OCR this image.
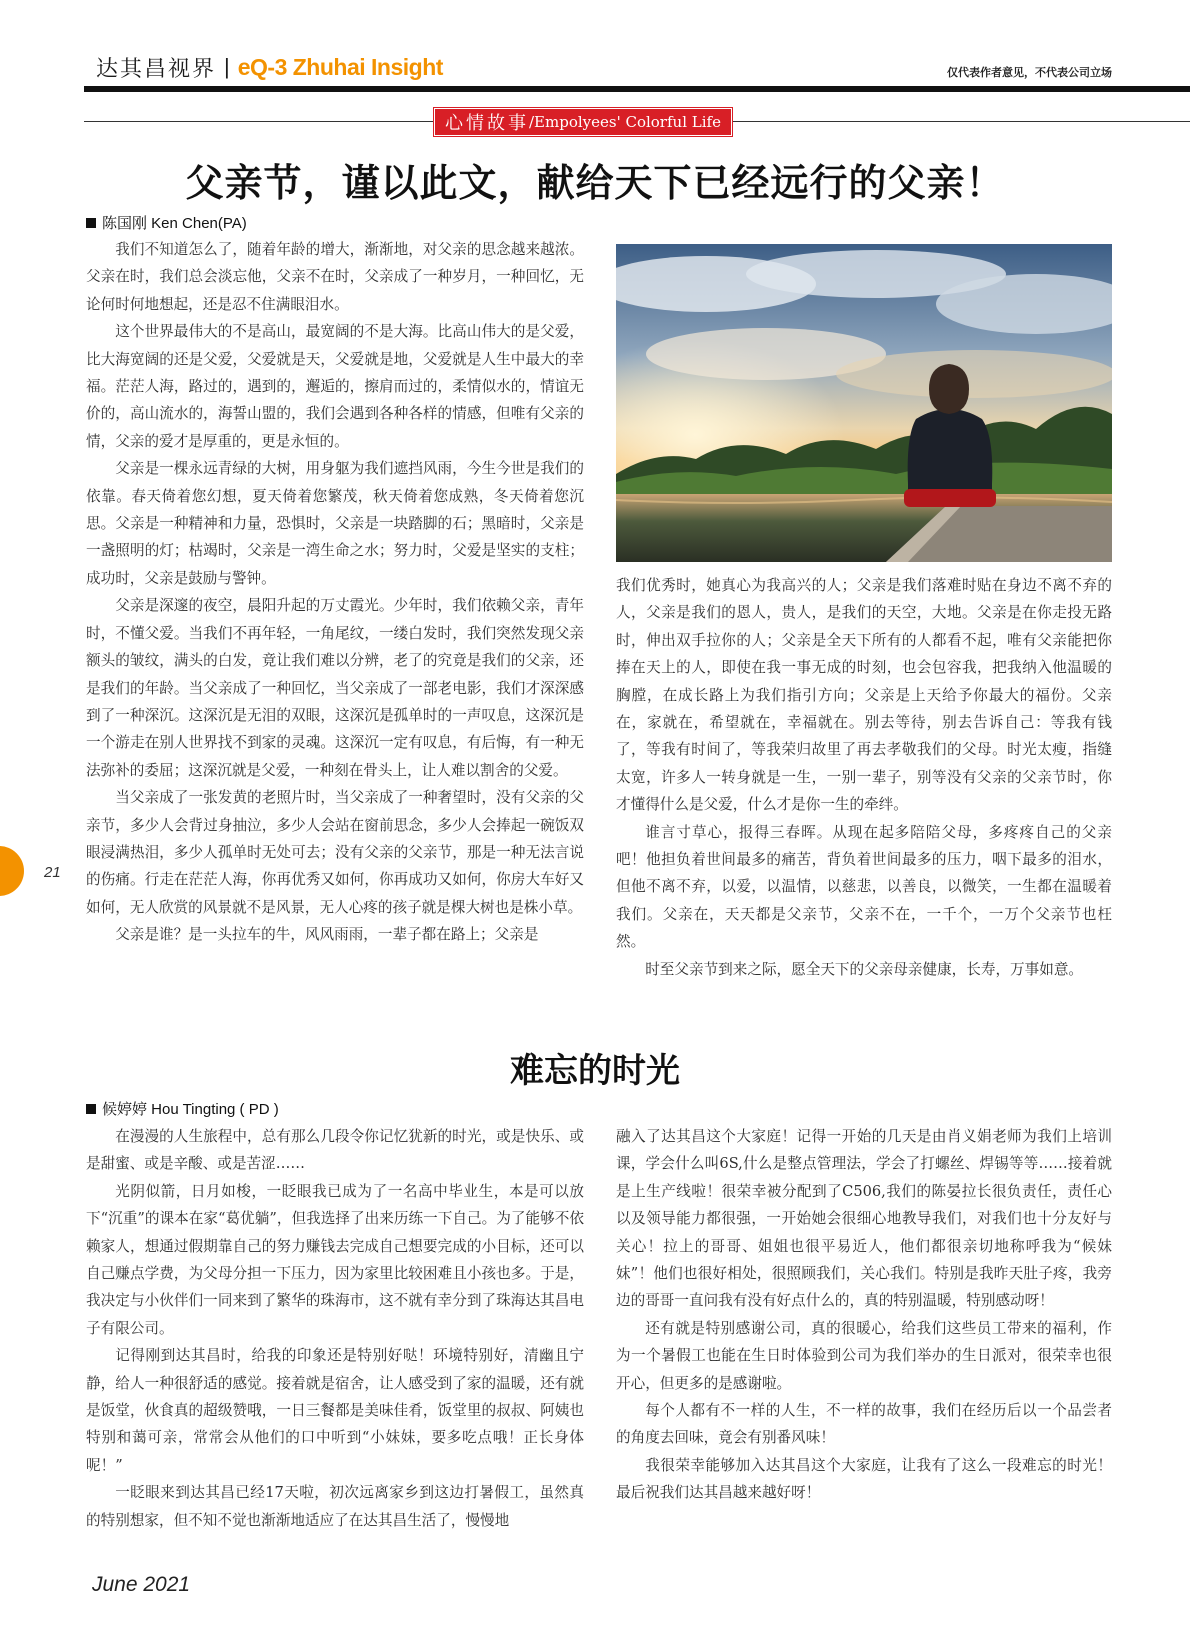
达其昌视界 | eQ-3 Zhuhai Insight	仅代表作者意见，不代表公司立场
心情故事 /Empolyees' Colorful Life
父亲节，谨以此文，献给天下已经远行的父亲！
陈国刚 Ken Chen(PA)

我们不知道怎么了，随着年龄的增大，渐渐地，对父亲的思念越来越浓。父亲在时，我们总会淡忘他，父亲不在时，父亲成了一种岁月，一种回忆，无论何时何地想起，还是忍不住满眼泪水。

这个世界最伟大的不是高山，最宽阔的不是大海。比高山伟大的是父爱，比大海宽阔的还是父爱，父爱就是天，父爱就是地，父爱就是人生中最大的幸福。茫茫人海，路过的，遇到的，邂逅的，擦肩而过的，柔情似水的，情谊无价的，高山流水的，海誓山盟的，我们会遇到各种各样的情感，但唯有父亲的情，父亲的爱才是厚重的，更是永恒的。

父亲是一棵永远青绿的大树，用身躯为我们遮挡风雨，今生今世是我们的依靠。春天倚着您幻想，夏天倚着您繁茂，秋天倚着您成熟，冬天倚着您沉思。父亲是一种精神和力量，恐惧时，父亲是一块踏脚的石；黑暗时，父亲是一盏照明的灯；枯竭时，父亲是一湾生命之水；努力时，父爱是坚实的支柱；成功时，父亲是鼓励与警钟。

父亲是深邃的夜空，晨阳升起的万丈霞光。少年时，我们依赖父亲，青年时，不懂父爱。当我们不再年轻，一角尾纹，一缕白发时，我们突然发现父亲额头的皱纹，满头的白发，竟让我们难以分辨，老了的究竟是我们的父亲，还是我们的年龄。当父亲成了一种回忆，当父亲成了一部老电影，我们才深深感到了一种深沉。这深沉是无泪的双眼，这深沉是孤单时的一声叹息，这深沉是一个游走在别人世界找不到家的灵魂。这深沉一定有叹息，有后悔，有一种无法弥补的委屈；这深沉就是父爱，一种刻在骨头上，让人难以割舍的父爱。

当父亲成了一张发黄的老照片时，当父亲成了一种奢望时，没有父亲的父亲节，多少人会背过身抽泣，多少人会站在窗前思念，多少人会捧起一碗饭双眼浸满热泪，多少人孤单时无处可去；没有父亲的父亲节，那是一种无法言说的伤痛。行走在茫茫人海，你再优秀又如何，你再成功又如何，你房大车好又如何，无人欣赏的风景就不是风景，无人心疼的孩子就是棵大树也是株小草。

父亲是谁？是一头拉车的牛，风风雨雨，一辈子都在路上；父亲是

我们优秀时，她真心为我高兴的人；父亲是我们落难时贴在身边不离不弃的人，父亲是我们的恩人，贵人，是我们的天空，大地。父亲是在你走投无路时，伸出双手拉你的人；父亲是全天下所有的人都看不起，唯有父亲能把你捧在天上的人，即使在我一事无成的时刻，也会包容我，把我纳入他温暖的胸膛，在成长路上为我们指引方向；父亲是上天给予你最大的福份。父亲在，家就在，希望就在，幸福就在。别去等待，别去告诉自己：等我有钱了，等我有时间了，等我荣归故里了再去孝敬我们的父母。时光太瘦，指缝太宽，许多人一转身就是一生，一别一辈子，别等没有父亲的父亲节时，你才懂得什么是父爱，什么才是你一生的牵绊。

谁言寸草心，报得三春晖。从现在起多陪陪父母，多疼疼自己的父亲吧！他担负着世间最多的痛苦，背负着世间最多的压力，咽下最多的泪水，但他不离不弃，以爱，以温情，以慈悲，以善良，以微笑，一生都在温暖着我们。父亲在，天天都是父亲节，父亲不在，一千个，一万个父亲节也枉然。

时至父亲节到来之际，愿全天下的父亲母亲健康，长寿，万事如意。

难忘的时光
候婷婷 Hou Tingting ( PD )

在漫漫的人生旅程中，总有那么几段令你记忆犹新的时光，或是快乐、或是甜蜜、或是辛酸、或是苦涩……

光阴似箭，日月如梭，一眨眼我已成为了一名高中毕业生，本是可以放下“沉重”的课本在家“葛优躺”，但我选择了出来历练一下自己。为了能够不依赖家人，想通过假期靠自己的努力赚钱去完成自己想要完成的小目标，还可以自己赚点学费，为父母分担一下压力，因为家里比较困难且小孩也多。于是，我决定与小伙伴们一同来到了繁华的珠海市，这不就有幸分到了珠海达其昌电子有限公司。

记得刚到达其昌时，给我的印象还是特别好哒！环境特别好，清幽且宁静，给人一种很舒适的感觉。接着就是宿舍，让人感受到了家的温暖，还有就是饭堂，伙食真的超级赞哦，一日三餐都是美味佳肴，饭堂里的叔叔、阿姨也特别和蔼可亲，常常会从他们的口中听到“小妹妹，要多吃点哦！正长身体呢！”

一眨眼来到达其昌已经17天啦，初次远离家乡到这边打暑假工，虽然真的特别想家，但不知不觉也渐渐地适应了在达其昌生活了，慢慢地

融入了达其昌这个大家庭！记得一开始的几天是由肖义娟老师为我们上培训课，学会什么叫6S,什么是整点管理法，学会了打螺丝、焊锡等等……接着就是上生产线啦！很荣幸被分配到了C506,我们的陈晏拉长很负责任，责任心以及领导能力都很强，一开始她会很细心地教导我们，对我们也十分友好与关心！拉上的哥哥、姐姐也很平易近人，他们都很亲切地称呼我为“候妹妹”！他们也很好相处，很照顾我们，关心我们。特别是我昨天肚子疼，我旁边的哥哥一直问我有没有好点什么的，真的特别温暖，特别感动呀！

还有就是特别感谢公司，真的很暖心，给我们这些员工带来的福利，作为一个暑假工也能在生日时体验到公司为我们举办的生日派对，很荣幸也很开心，但更多的是感谢啦。

每个人都有不一样的人生，不一样的故事，我们在经历后以一个品尝者的角度去回味，竟会有别番风味！

我很荣幸能够加入达其昌这个大家庭，让我有了这么一段难忘的时光！最后祝我们达其昌越来越好呀！

21
June 2021
